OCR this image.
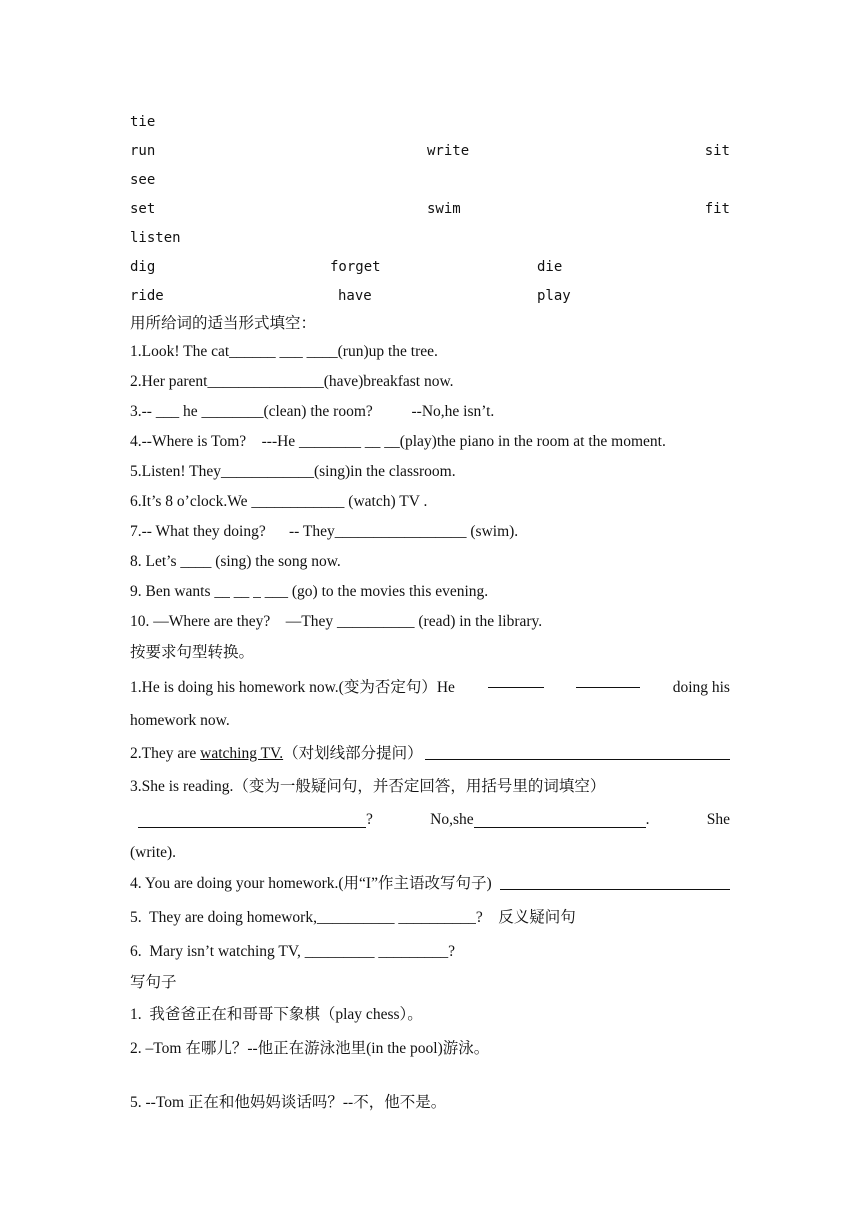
tie
run	write	sit
see
set	swim	fit
listen
dig	forget	die
ride	have	play
用所给词的适当形式填空：
1.Look! The cat______ ___ ____(run)up the tree.
2.Her parent_______________(have)breakfast now.
3.-- ___ he ________(clean) the room?          --No,he isn’t.
4.--Where is Tom?    ---He ________ __ __(play)the piano in the room at the moment.
5.Listen! They____________(sing)in the classroom.
6.It’s 8 o’clock.We ____________ (watch) TV .
7.-- What they doing?      -- They_________________ (swim).
8. Let’s ____ (sing) the song now.
9. Ben wants __ __ _ ___ (go) to the movies this evening.
10. —Where are they?    —They __________ (read) in the library.
按要求句型转换。
1.He is doing his homework now.(变为否定句）He	doing his
homework now.
2.They are watching TV. （对划线部分提问）
3.She is reading.（变为一般疑问句，并否定回答，用括号里的词填空）
?	No,she	.	She
(write).
4. You are doing your homework.(用“I”作主语改写句子)
5.  They are doing homework,__________ __________?    反义疑问句
6.  Mary isn’t watching TV, _________ _________?
写句子
1.  我爸爸正在和哥哥下象棋（play chess）。
2. –Tom 在哪儿？--他正在游泳池里(in the pool)游泳。
5. --Tom 正在和他妈妈谈话吗？--不，他不是。
